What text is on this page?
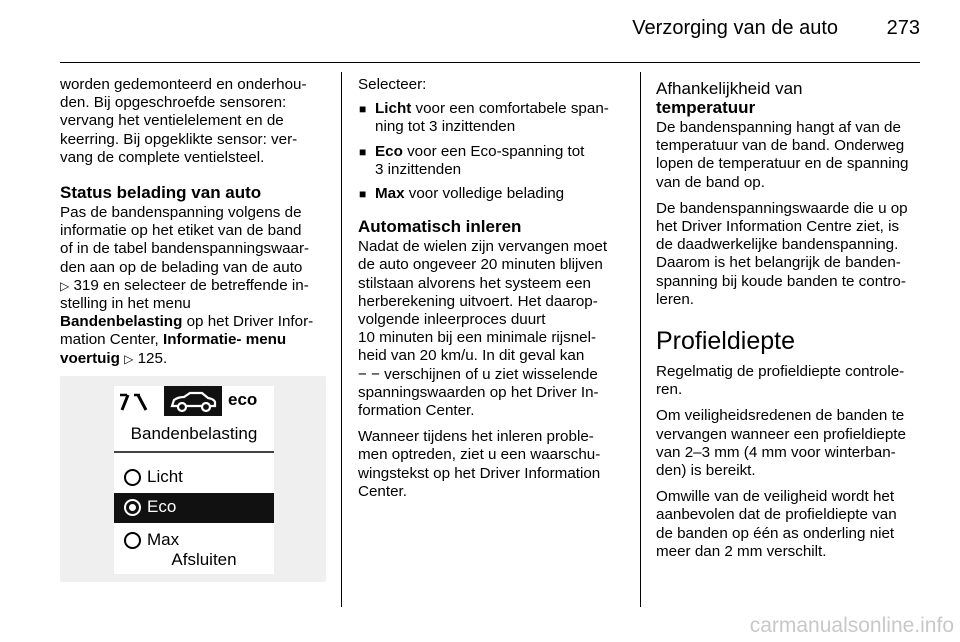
Verzorging van de auto 273

worden gedemonteerd en onderhou-
den. Bij opgeschroefde sensoren:
vervang het ventielelement en de
keerring. Bij opgeklikte sensor: ver-
vang de complete ventielsteel.

Status belading van auto

Pas de bandenspanning volgens de
informatie op het etiket van de band
of in de tabel bandenspanningswaar-
den aan op de belading van de auto
▷ 319 en selecteer de betreffende in-
stelling in het menu
Bandenbelasting op het Driver Infor-
mation Center, Informatie- menu
voertuig ▷ 125.

eco
Bandenbelasting
Licht
Eco
Max
Afsluiten

Selecteer:

■ Licht voor een comfortabele span-
ning tot 3 inzittenden
■ Eco voor een Eco-spanning tot
3 inzittenden
■ Max voor volledige belading
Automatisch inleren

Nadat de wielen zijn vervangen moet
de auto ongeveer 20 minuten blijven
stilstaan alvorens het systeem een
herberekening uitvoert. Het daarop-
volgende inleerproces duurt
10 minuten bij een minimale rijsnel-
heid van 20 km/u. In dit geval kan
− − verschijnen of u ziet wisselende
spanningswaarden op het Driver In-
formation Center.

Wanneer tijdens het inleren proble-
men optreden, ziet u een waarschu-
wingstekst op het Driver Information
Center.

Afhankelijkheid van
temperatuur

De bandenspanning hangt af van de
temperatuur van de band. Onderweg
lopen de temperatuur en de spanning
van de band op.

De bandenspanningswaarde die u op
het Driver Information Centre ziet, is
de daadwerkelijke bandenspanning.
Daarom is het belangrijk de banden-
spanning bij koude banden te contro-
leren.

Profieldiepte

Regelmatig de profieldiepte controle-
ren.

Om veiligheidsredenen de banden te
vervangen wanneer een profieldiepte
van 2–3 mm (4 mm voor winterban-
den) is bereikt.

Omwille van de veiligheid wordt het
aanbevolen dat de profieldiepte van
de banden op één as onderling niet
meer dan 2 mm verschilt.

carmanualsonline.info
